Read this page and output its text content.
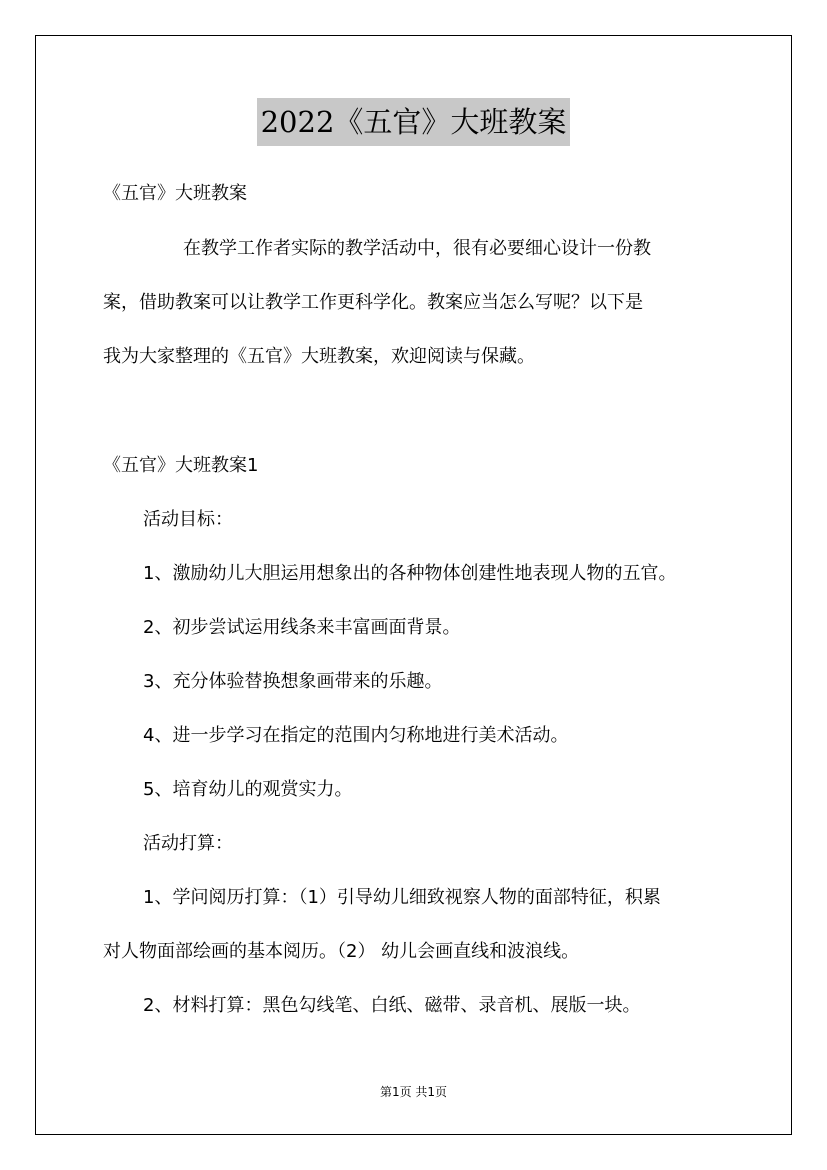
2022《五官》大班教案
《五官》大班教案
在教学工作者实际的教学活动中，很有必要细心设计一份教
案，借助教案可以让教学工作更科学化。教案应当怎么写呢？以下是
我为大家整理的《五官》大班教案，欢迎阅读与保藏。
《五官》大班教案1
活动目标：
1、激励幼儿大胆运用想象出的各种物体创建性地表现人物的五官。
2、初步尝试运用线条来丰富画面背景。
3、充分体验替换想象画带来的乐趣。
4、进一步学习在指定的范围内匀称地进行美术活动。
5、培育幼儿的观赏实力。
活动打算：
1、学问阅历打算：（1）引导幼儿细致视察人物的面部特征，积累
对人物面部绘画的基本阅历。（2） 幼儿会画直线和波浪线。
2、材料打算：黑色勾线笔、白纸、磁带、录音机、展版一块。
第1页 共1页
